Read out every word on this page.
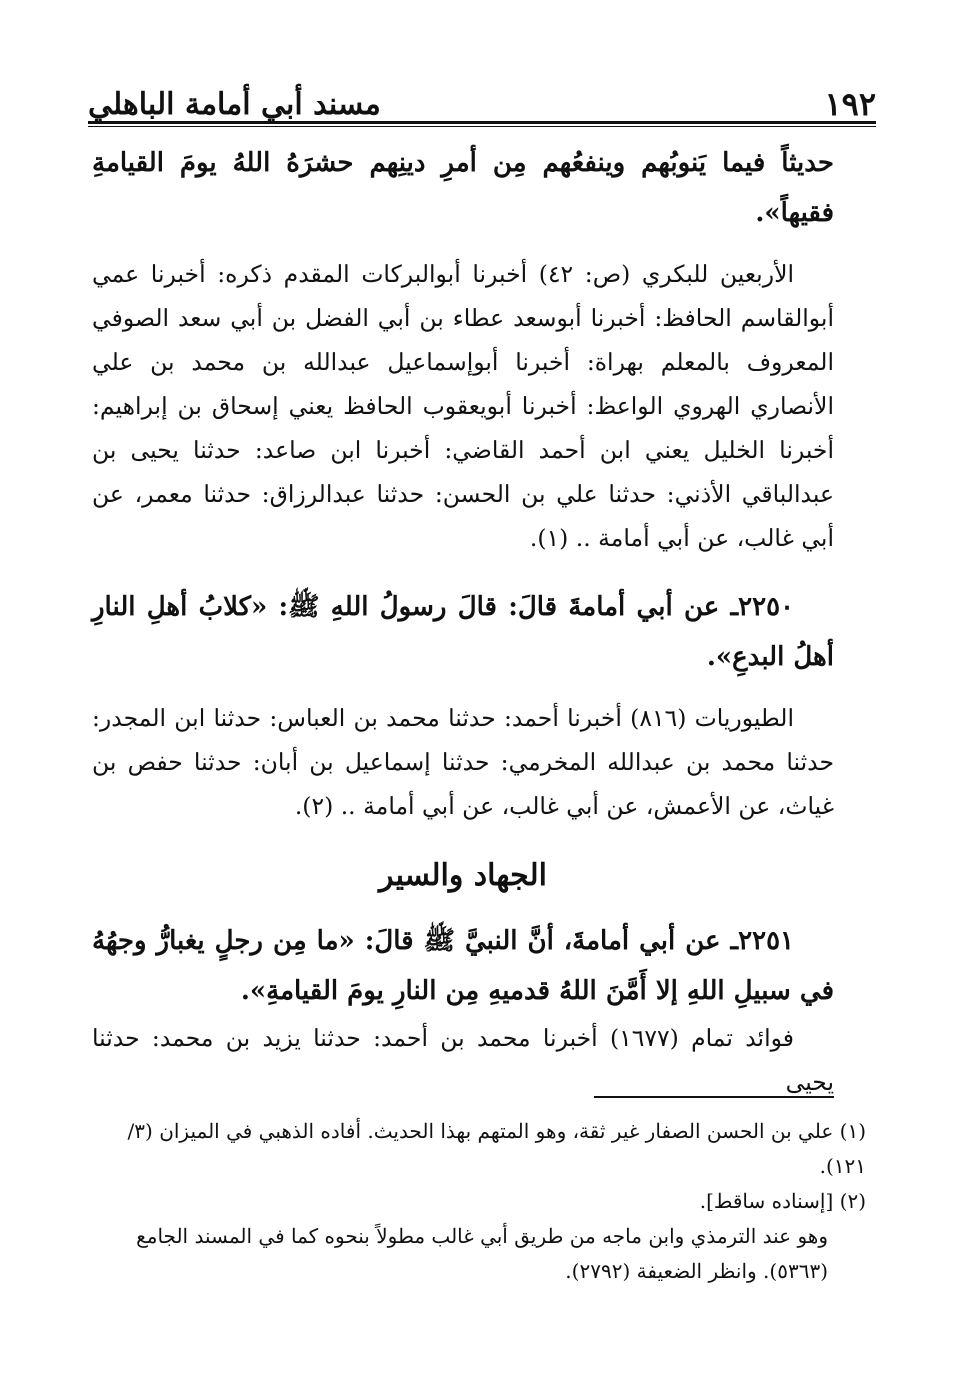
١٩٢
مسند أبي أمامة الباهلي

حديثاً فيما يَنوبُهم وينفعُهم مِن أمرِ دينِهم حشرَهُ اللهُ يومَ القيامةِ فقيهاً».

الأربعين للبكري (ص: ٤٢) أخبرنا أبوالبركات المقدم ذكره: أخبرنا عمي أبوالقاسم الحافظ: أخبرنا أبوسعد عطاء بن أبي الفضل بن أبي سعد الصوفي المعروف بالمعلم بهراة: أخبرنا أبوإسماعيل عبدالله بن محمد بن علي الأنصاري الهروي الواعظ: أخبرنا أبويعقوب الحافظ يعني إسحاق بن إبراهيم: أخبرنا الخليل يعني ابن أحمد القاضي: أخبرنا ابن صاعد: حدثنا يحيى بن عبدالباقي الأذني: حدثنا علي بن الحسن: حدثنا عبدالرزاق: حدثنا معمر، عن أبي غالب، عن أبي أمامة .. (١).

٢٢٥٠ـ عن أبي أمامةَ قالَ: قالَ رسولُ اللهِ ﷺ: «كلابُ أهلِ النارِ أهلُ البدعِ».

الطيوريات (٨١٦) أخبرنا أحمد: حدثنا محمد بن العباس: حدثنا ابن المجدر: حدثنا محمد بن عبدالله المخرمي: حدثنا إسماعيل بن أبان: حدثنا حفص بن غياث، عن الأعمش، عن أبي غالب، عن أبي أمامة .. (٢).

الجهاد والسير

٢٢٥١ـ عن أبي أمامةَ، أنَّ النبيَّ ﷺ قالَ: «ما مِن رجلٍ يغبارُّ وجهُهُ في سبيلِ اللهِ إلا أَمَّنَ اللهُ قدميهِ مِن النارِ يومَ القيامةِ».

فوائد تمام (١٦٧٧) أخبرنا محمد بن أحمد: حدثنا يزيد بن محمد: حدثنا يحيى

(١) علي بن الحسن الصفار غير ثقة، وهو المتهم بهذا الحديث. أفاده الذهبي في الميزان (٣/ ١٢١).

(٢) [إسناده ساقط].

وهو عند الترمذي وابن ماجه من طريق أبي غالب مطولاً بنحوه كما في المسند الجامع (٥٣٦٣). وانظر الضعيفة (٢٧٩٢).
